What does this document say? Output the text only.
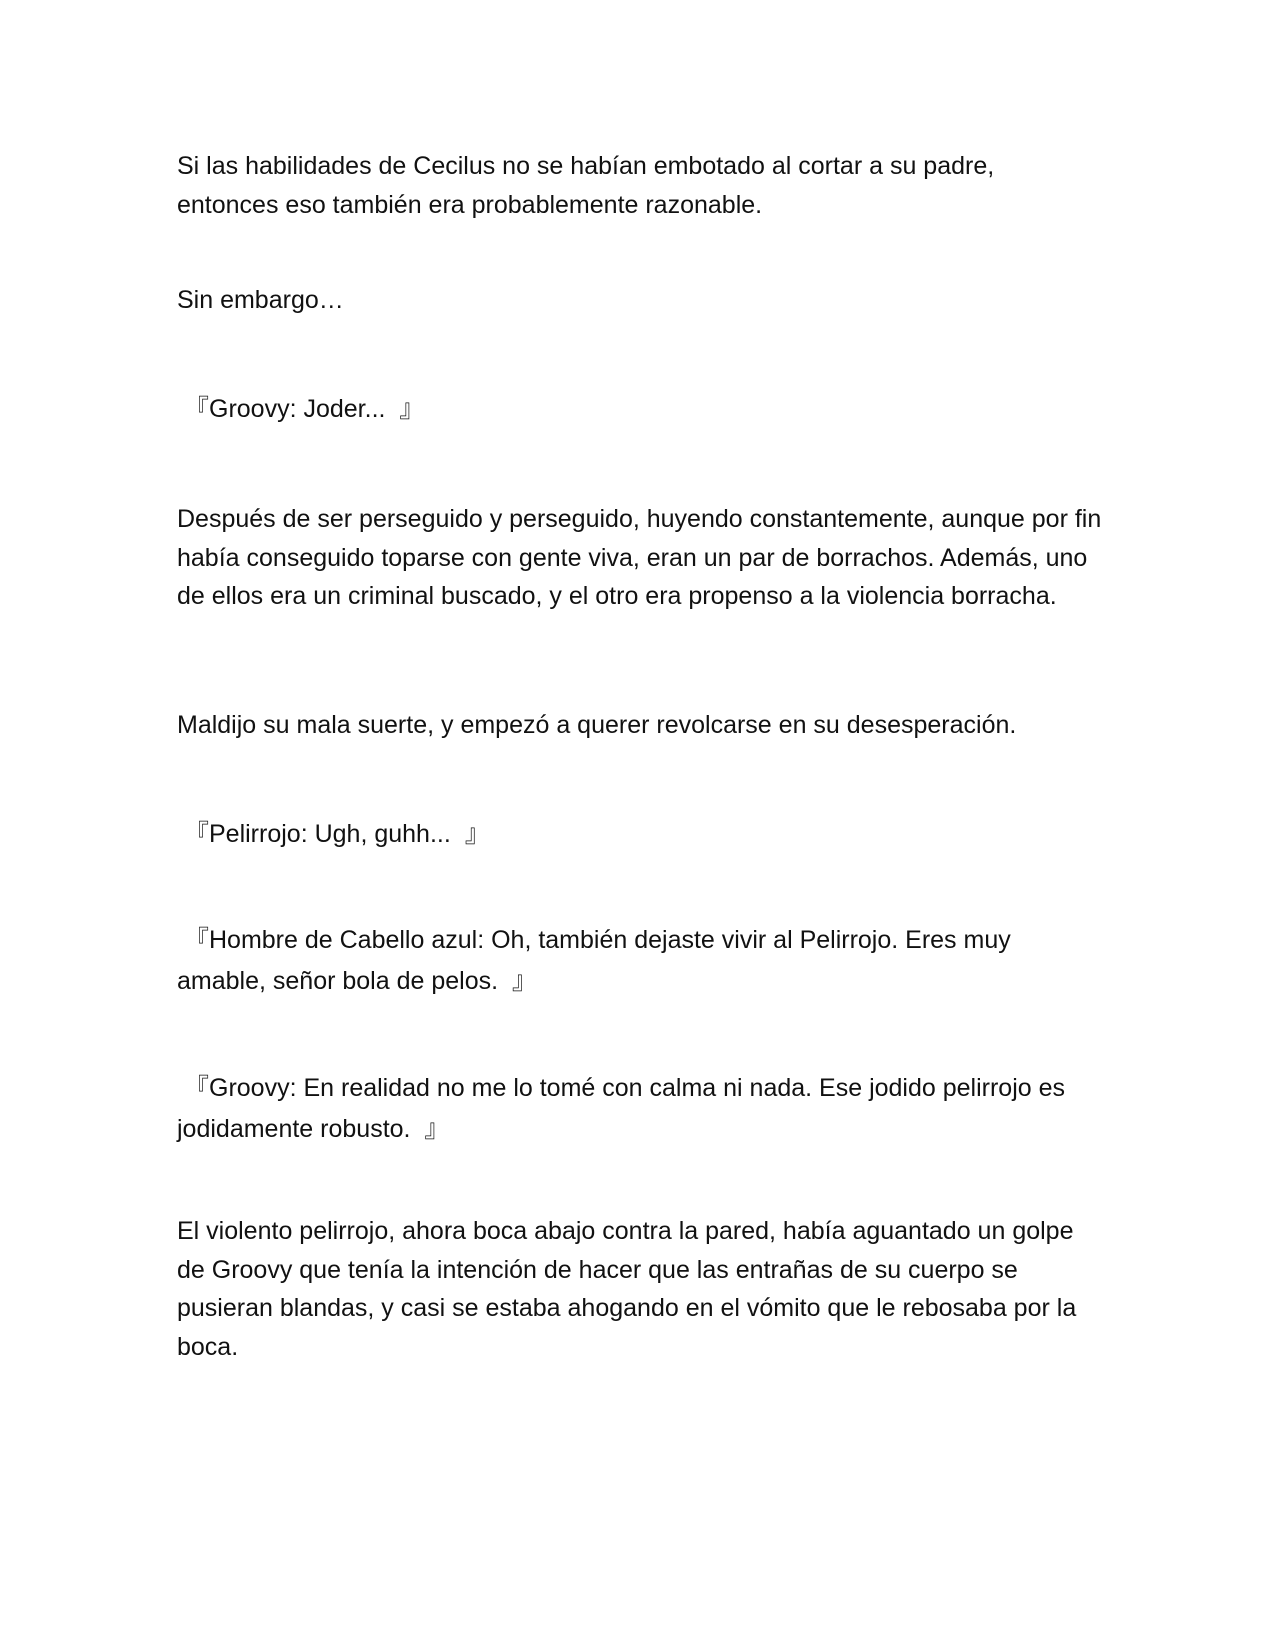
Si las habilidades de Cecilus no se habían embotado al cortar a su padre, entonces eso también era probablemente razonable.

Sin embargo…

『Groovy: Joder...  』

Después de ser perseguido y perseguido, huyendo constantemente, aunque por fin había conseguido toparse con gente viva, eran un par de borrachos. Además, uno de ellos era un criminal buscado, y el otro era propenso a la violencia borracha.

Maldijo su mala suerte, y empezó a querer revolcarse en su desesperación.

『Pelirrojo: Ugh, guhh...  』

『Hombre de Cabello azul: Oh, también dejaste vivir al Pelirrojo. Eres muy amable, señor bola de pelos.  』

『Groovy: En realidad no me lo tomé con calma ni nada. Ese jodido pelirrojo es jodidamente robusto.  』

El violento pelirrojo, ahora boca abajo contra la pared, había aguantado un golpe de Groovy que tenía la intención de hacer que las entrañas de su cuerpo se pusieran blandas, y casi se estaba ahogando en el vómito que le rebosaba por la boca.
